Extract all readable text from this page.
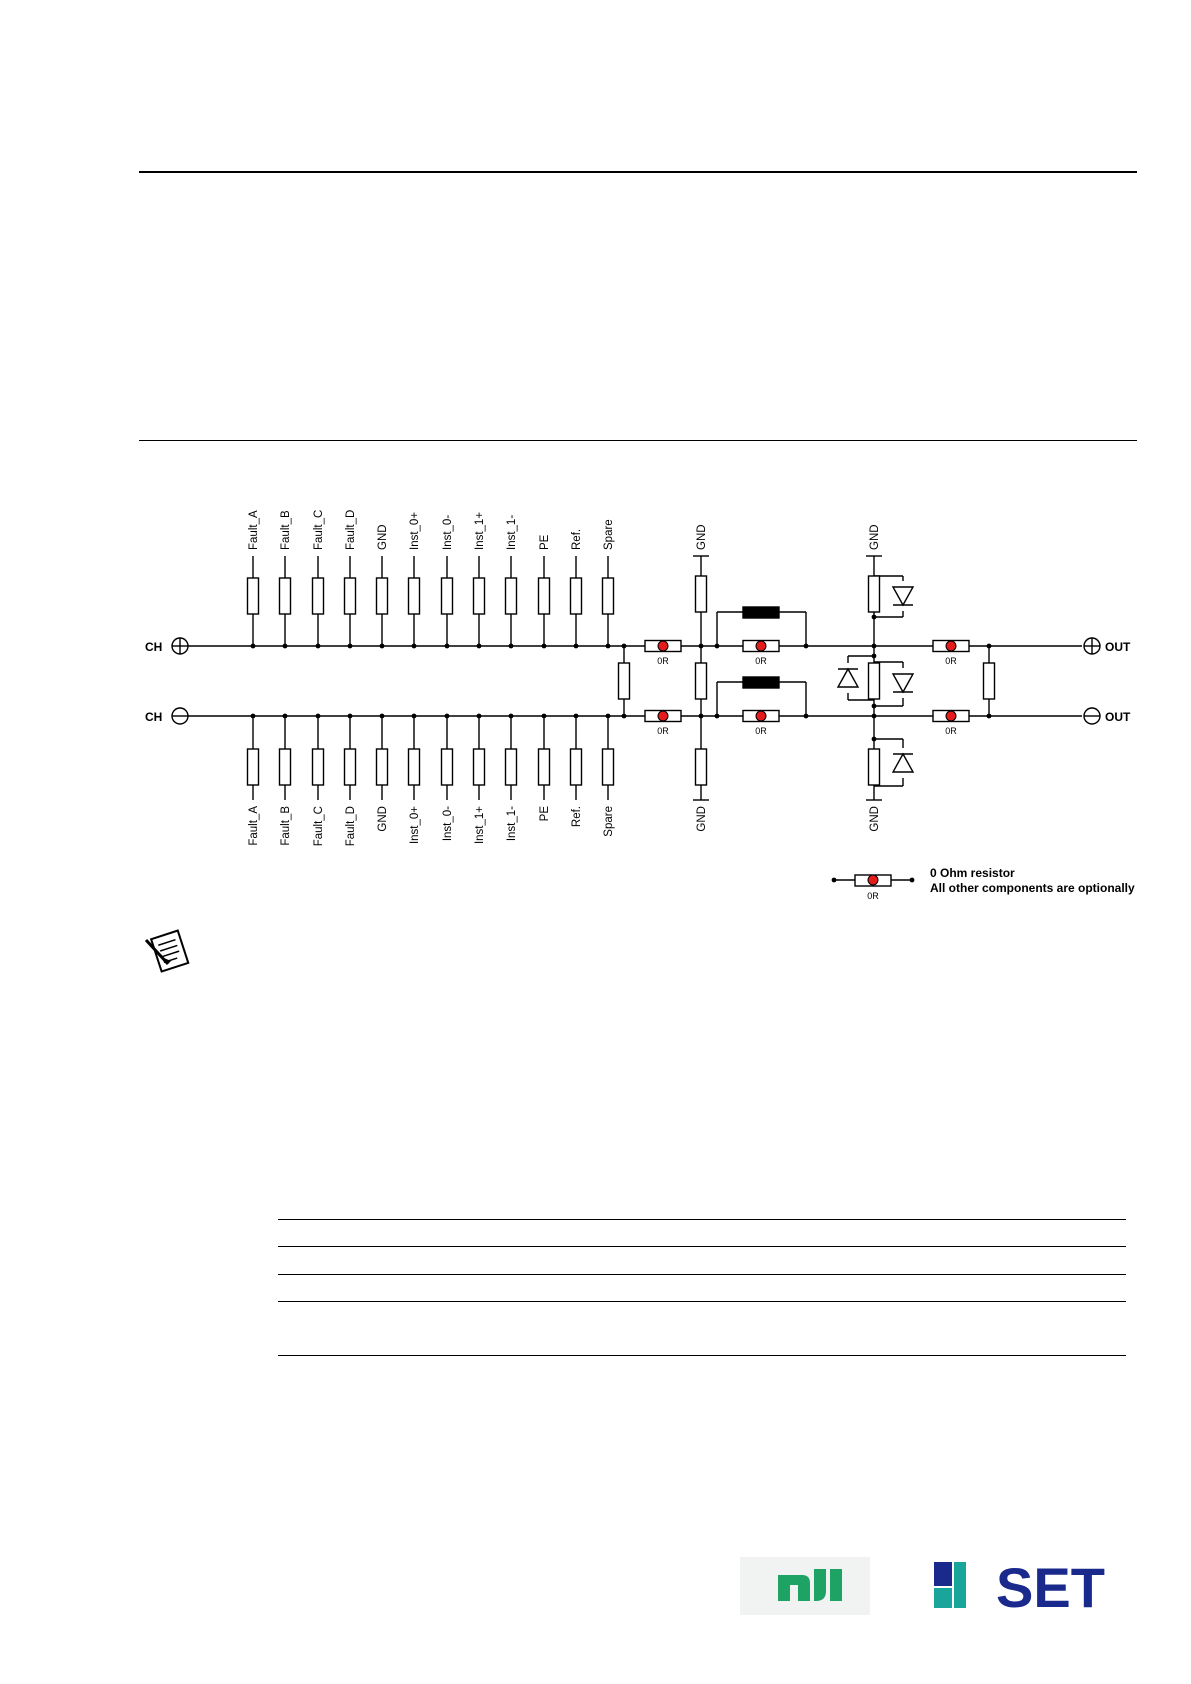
CH
CH
OUT
OUT
Fault_A Fault_B Fault_C Fault_D GND Inst_0+ Inst_0- Inst_1+ Inst_1- PE Ref. Spare
Fault_A Fault_B Fault_C Fault_D GND Inst_0+ Inst_0- Inst_1+ Inst_1- PE Ref. Spare
0R
0R
GND
GND
0R
0R
GND
GND
0R
0R
0R
0 Ohm resistor
All other components are optionally
SET
